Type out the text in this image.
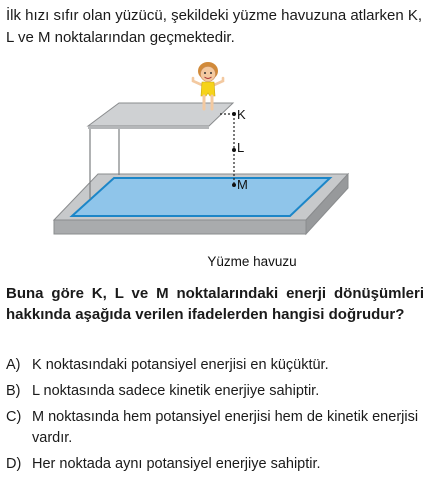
İlk hızı sıfır olan yüzücü, şekildeki yüzme havuzuna atlarken K, L ve M noktalarından geçmektedir.

K
L
M
Yüzme havuzu

Buna göre K, L ve M noktalarındaki enerji dönüşümleri hakkında aşağıda verilen ifadelerden hangisi doğrudur?

A) K noktasındaki potansiyel enerjisi en küçüktür.
B) L noktasında sadece kinetik enerjiye sahiptir.
C) M noktasında hem potansiyel enerjisi hem de kinetik enerjisi vardır.
D) Her noktada aynı potansiyel enerjiye sahiptir.
